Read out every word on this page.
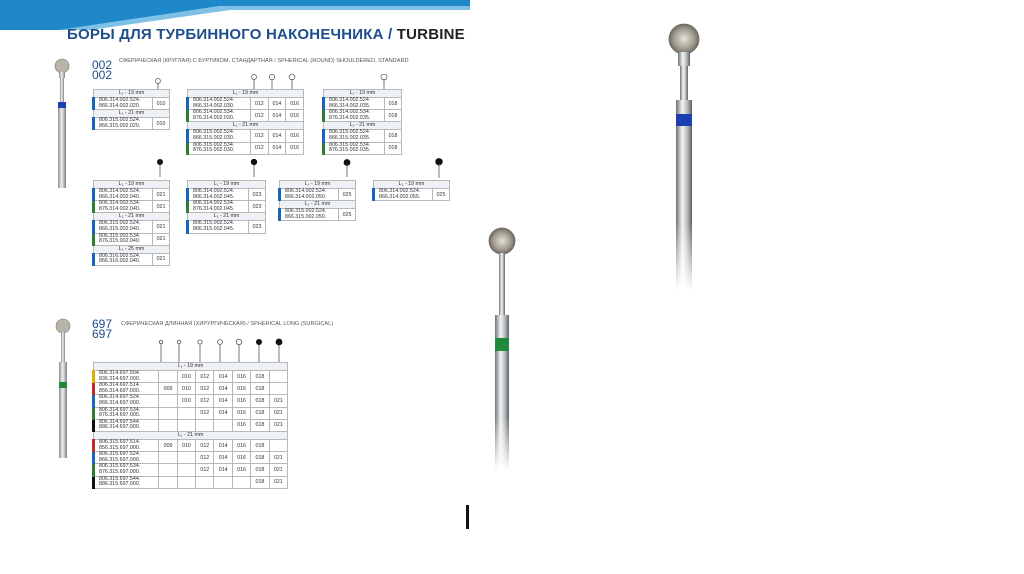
БОРЫ ДЛЯ ТУРБИННОГО НАКОНЕЧНИКА / TURBINE
002
002
СФЕРИЧЕСКАЯ (КРУГЛАЯ) С БУРТИКОМ, СТАНДАРТНАЯ / SPHERICAL (ROUND) SHOULDERED, STANDARD
L₁ - 19 mm	

806.314.002.524.
866.314.002.020.	010
L₁ - 21 mm	

806.315.002.524.
866.315.002.020.	010
L₁ - 19 mm			

806.314.002.524.
866.314.002.030.	012	014	016

806.314.002.534.
876.314.002.030.	012	014	016
L₁ - 21 mm			

806.315.002.524.
866.315.002.030.	012	014	016

806.315.002.534.
876.315.002.030.	012	014	016
L₁ - 19 mm	

806.314.002.524.
866.314.002.035.	018

806.314.002.534.
876.314.002.035.	018
L₁ - 21 mm	

806.315.002.524.
866.315.002.035.	018

806.315.002.534.
876.315.002.035.	018
L₁ - 19 mm	

806.314.002.524.
866.314.002.040.	021

806.314.002.534.
876.314.002.040.	021
L₁ - 21 mm	

806.315.002.524.
866.315.002.040.	021

806.315.002.534.
876.315.002.040.	021
L₁ - 25 mm	

806.316.002.524.
866.316.002.040.	021
L₁ - 19 mm	

806.314.002.524.
866.314.002.045.	023

806.314.002.534.
876.314.002.045.	023
L₁ - 21 mm	

806.315.002.524.
866.315.002.045.	023
L₁ - 19 mm	

806.314.002.524.
866.314.002.050.	025
L₁ - 21 mm	

806.315.002.524.
866.315.002.050.	025
L₁ - 19 mm

806.314.002.524.
866.314.002.055.	025
697
697
СФЕРИЧЕСКАЯ ДЛИННАЯ (ХИРУРГИЧЕСКАЯ) / SPHERICAL LONG (SURGICAL)
L₁ - 19 mm							

806.314.697.504.
836.314.697.000.		010	012	014	016	018	

806.314.697.514.
856.314.697.000.	009	010	012	014	016	018	

806.314.697.524.
866.314.697.000.		010	012	014	016	018	021

806.314.697.534.
876.314.697.000.			012	014	016	018	021

806.314.697.544.
886.314.697.000.					016	018	021
L₁ - 21 mm							

806.315.697.514.
856.315.697.000.	009	010	012	014	016	018	

806.315.697.524.
866.315.697.000.			012	014	016	018	021

806.315.697.534.
876.315.697.000.			012	014	016	018	021

806.315.697.544.
886.315.697.000.						018	021
